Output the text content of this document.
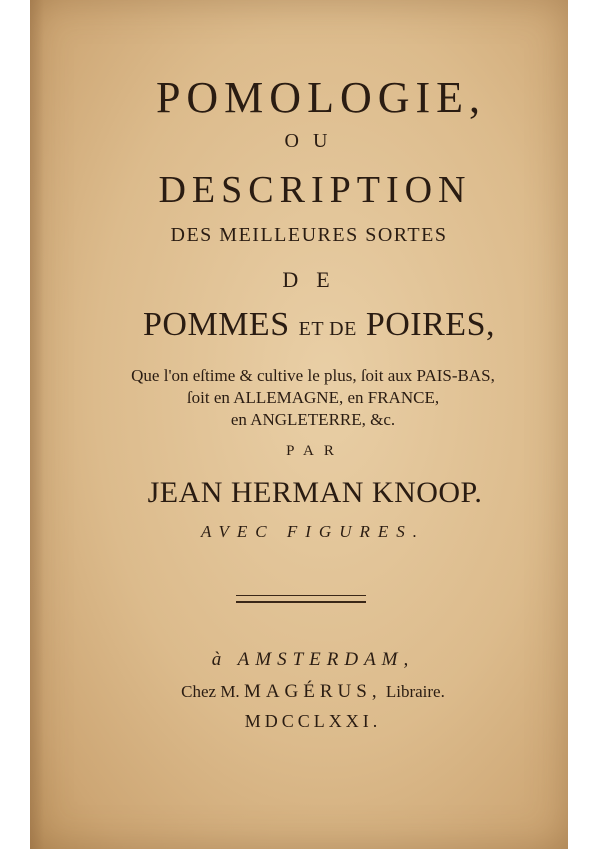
POMOLOGIE,
OU
DESCRIPTION
DES MEILLEURES SORTES
DE
POMMES ET DE POIRES,
Que l'on eſtime & cultive le plus, ſoit aux PAIS-BAS,
ſoit en ALLEMAGNE, en FRANCE,
en ANGLETERRE, &c.
PAR
JEAN HERMAN KNOOP.
AVEC FIGURES.
à AMSTERDAM,
Chez M. MAGÉRUS, Libraire.
MDCCLXXI.
